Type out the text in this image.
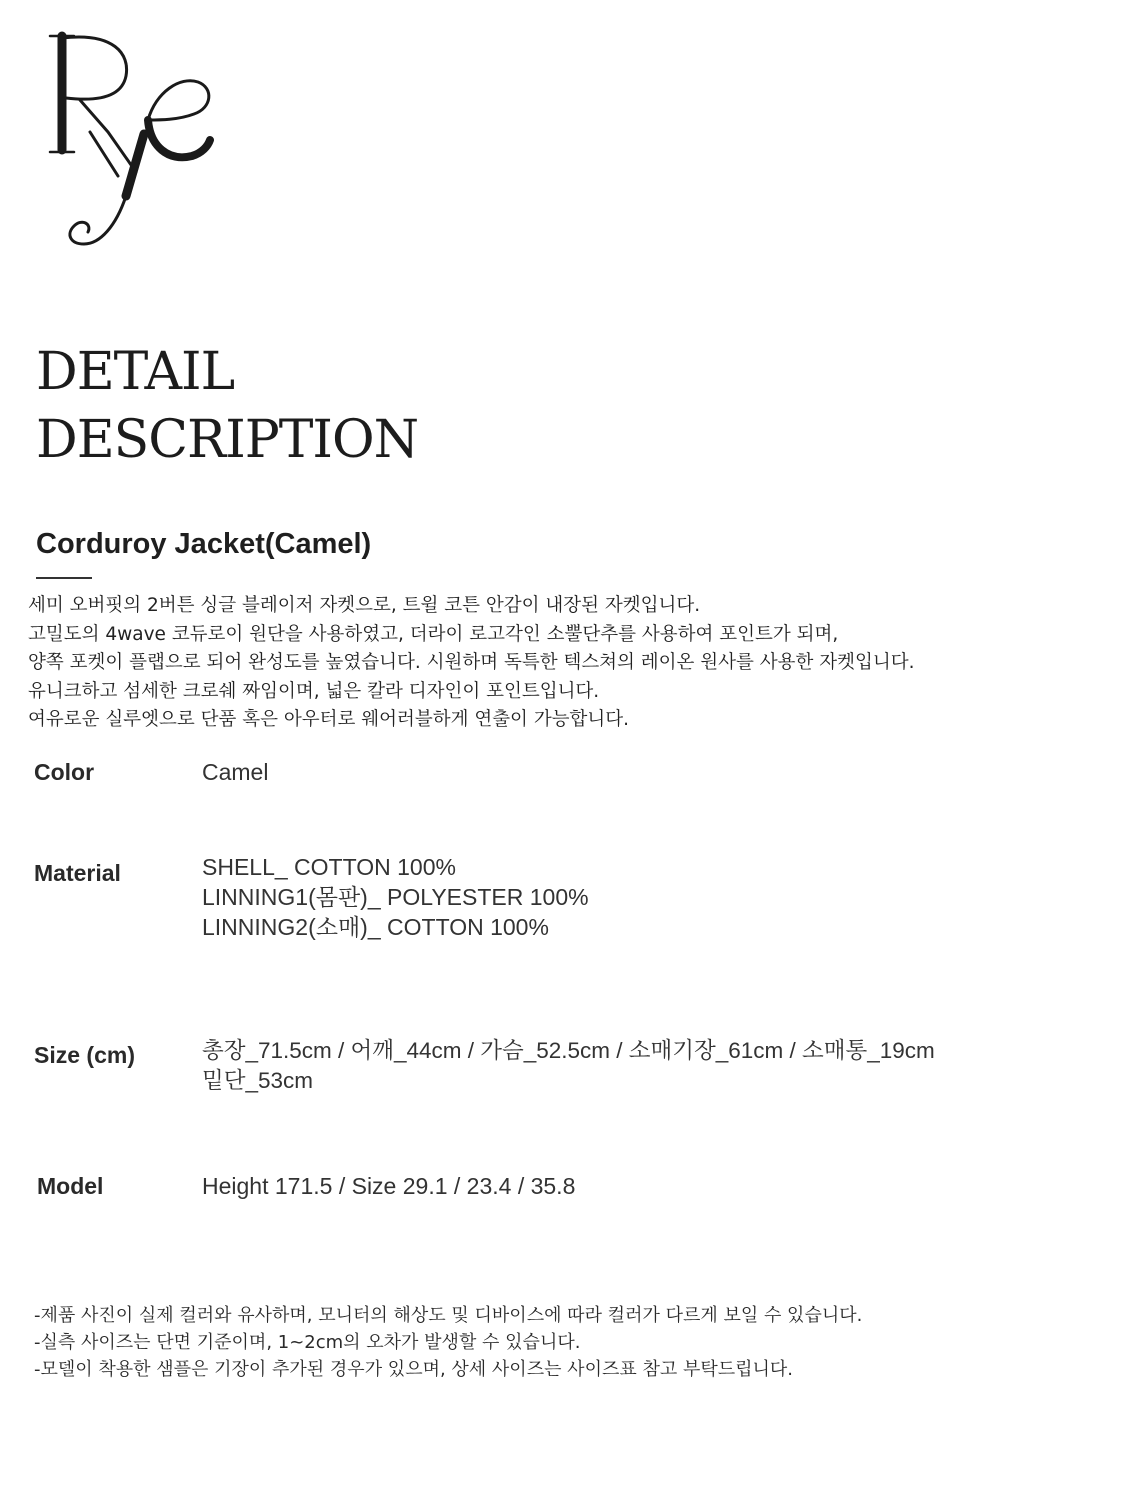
DETAIL
DESCRIPTION
Corduroy Jacket(Camel)
세미 오버핏의 2버튼 싱글 블레이저 자켓으로, 트윌 코튼 안감이 내장된 자켓입니다.
고밀도의 4wave 코듀로이 원단을 사용하였고, 더라이 로고각인 소뿔단추를 사용하여 포인트가 되며,
양쪽 포켓이 플랩으로 되어 완성도를 높였습니다. 시원하며 독특한 텍스쳐의 레이온 원사를 사용한 자켓입니다.
유니크하고 섬세한 크로쉐 짜임이며, 넓은 칼라 디자인이 포인트입니다.
여유로운 실루엣으로 단품 혹은 아우터로 웨어러블하게 연출이 가능합니다.
Color	Camel
Material	SHELL_ COTTON 100%
LINNING1(몸판)_ POLYESTER 100%
LINNING2(소매)_ COTTON 100%
Size (cm)	총장_71.5cm / 어깨_44cm / 가슴_52.5cm / 소매기장_61cm / 소매통_19cm
밑단_53cm
Model	Height 171.5 / Size 29.1 / 23.4 / 35.8
-제품 사진이 실제 컬러와 유사하며, 모니터의 해상도 및 디바이스에 따라 컬러가 다르게 보일 수 있습니다.
-실측 사이즈는 단면 기준이며, 1~2cm의 오차가 발생할 수 있습니다.
-모델이 착용한 샘플은 기장이 추가된 경우가 있으며, 상세 사이즈는 사이즈표 참고 부탁드립니다.
